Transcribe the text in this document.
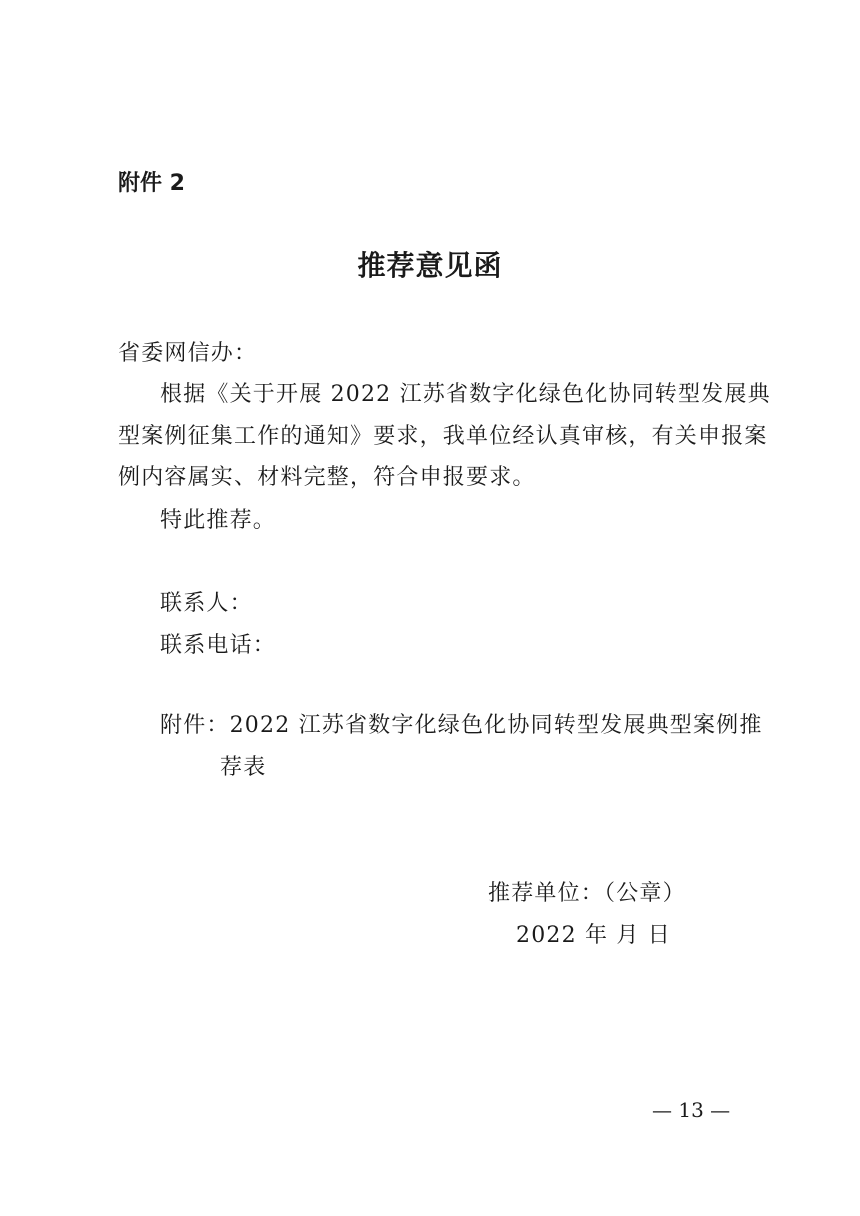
附件 2
推荐意见函
省委网信办：
根据《关于开展 2022 江苏省数字化绿色化协同转型发展典
型案例征集工作的通知》要求，我单位经认真审核，有关申报案
例内容属实、材料完整，符合申报要求。
特此推荐。
联系人：
联系电话：
附件：2022 江苏省数字化绿色化协同转型发展典型案例推
荐表
推荐单位：（公章）
2022 年 月 日
— 13 —
